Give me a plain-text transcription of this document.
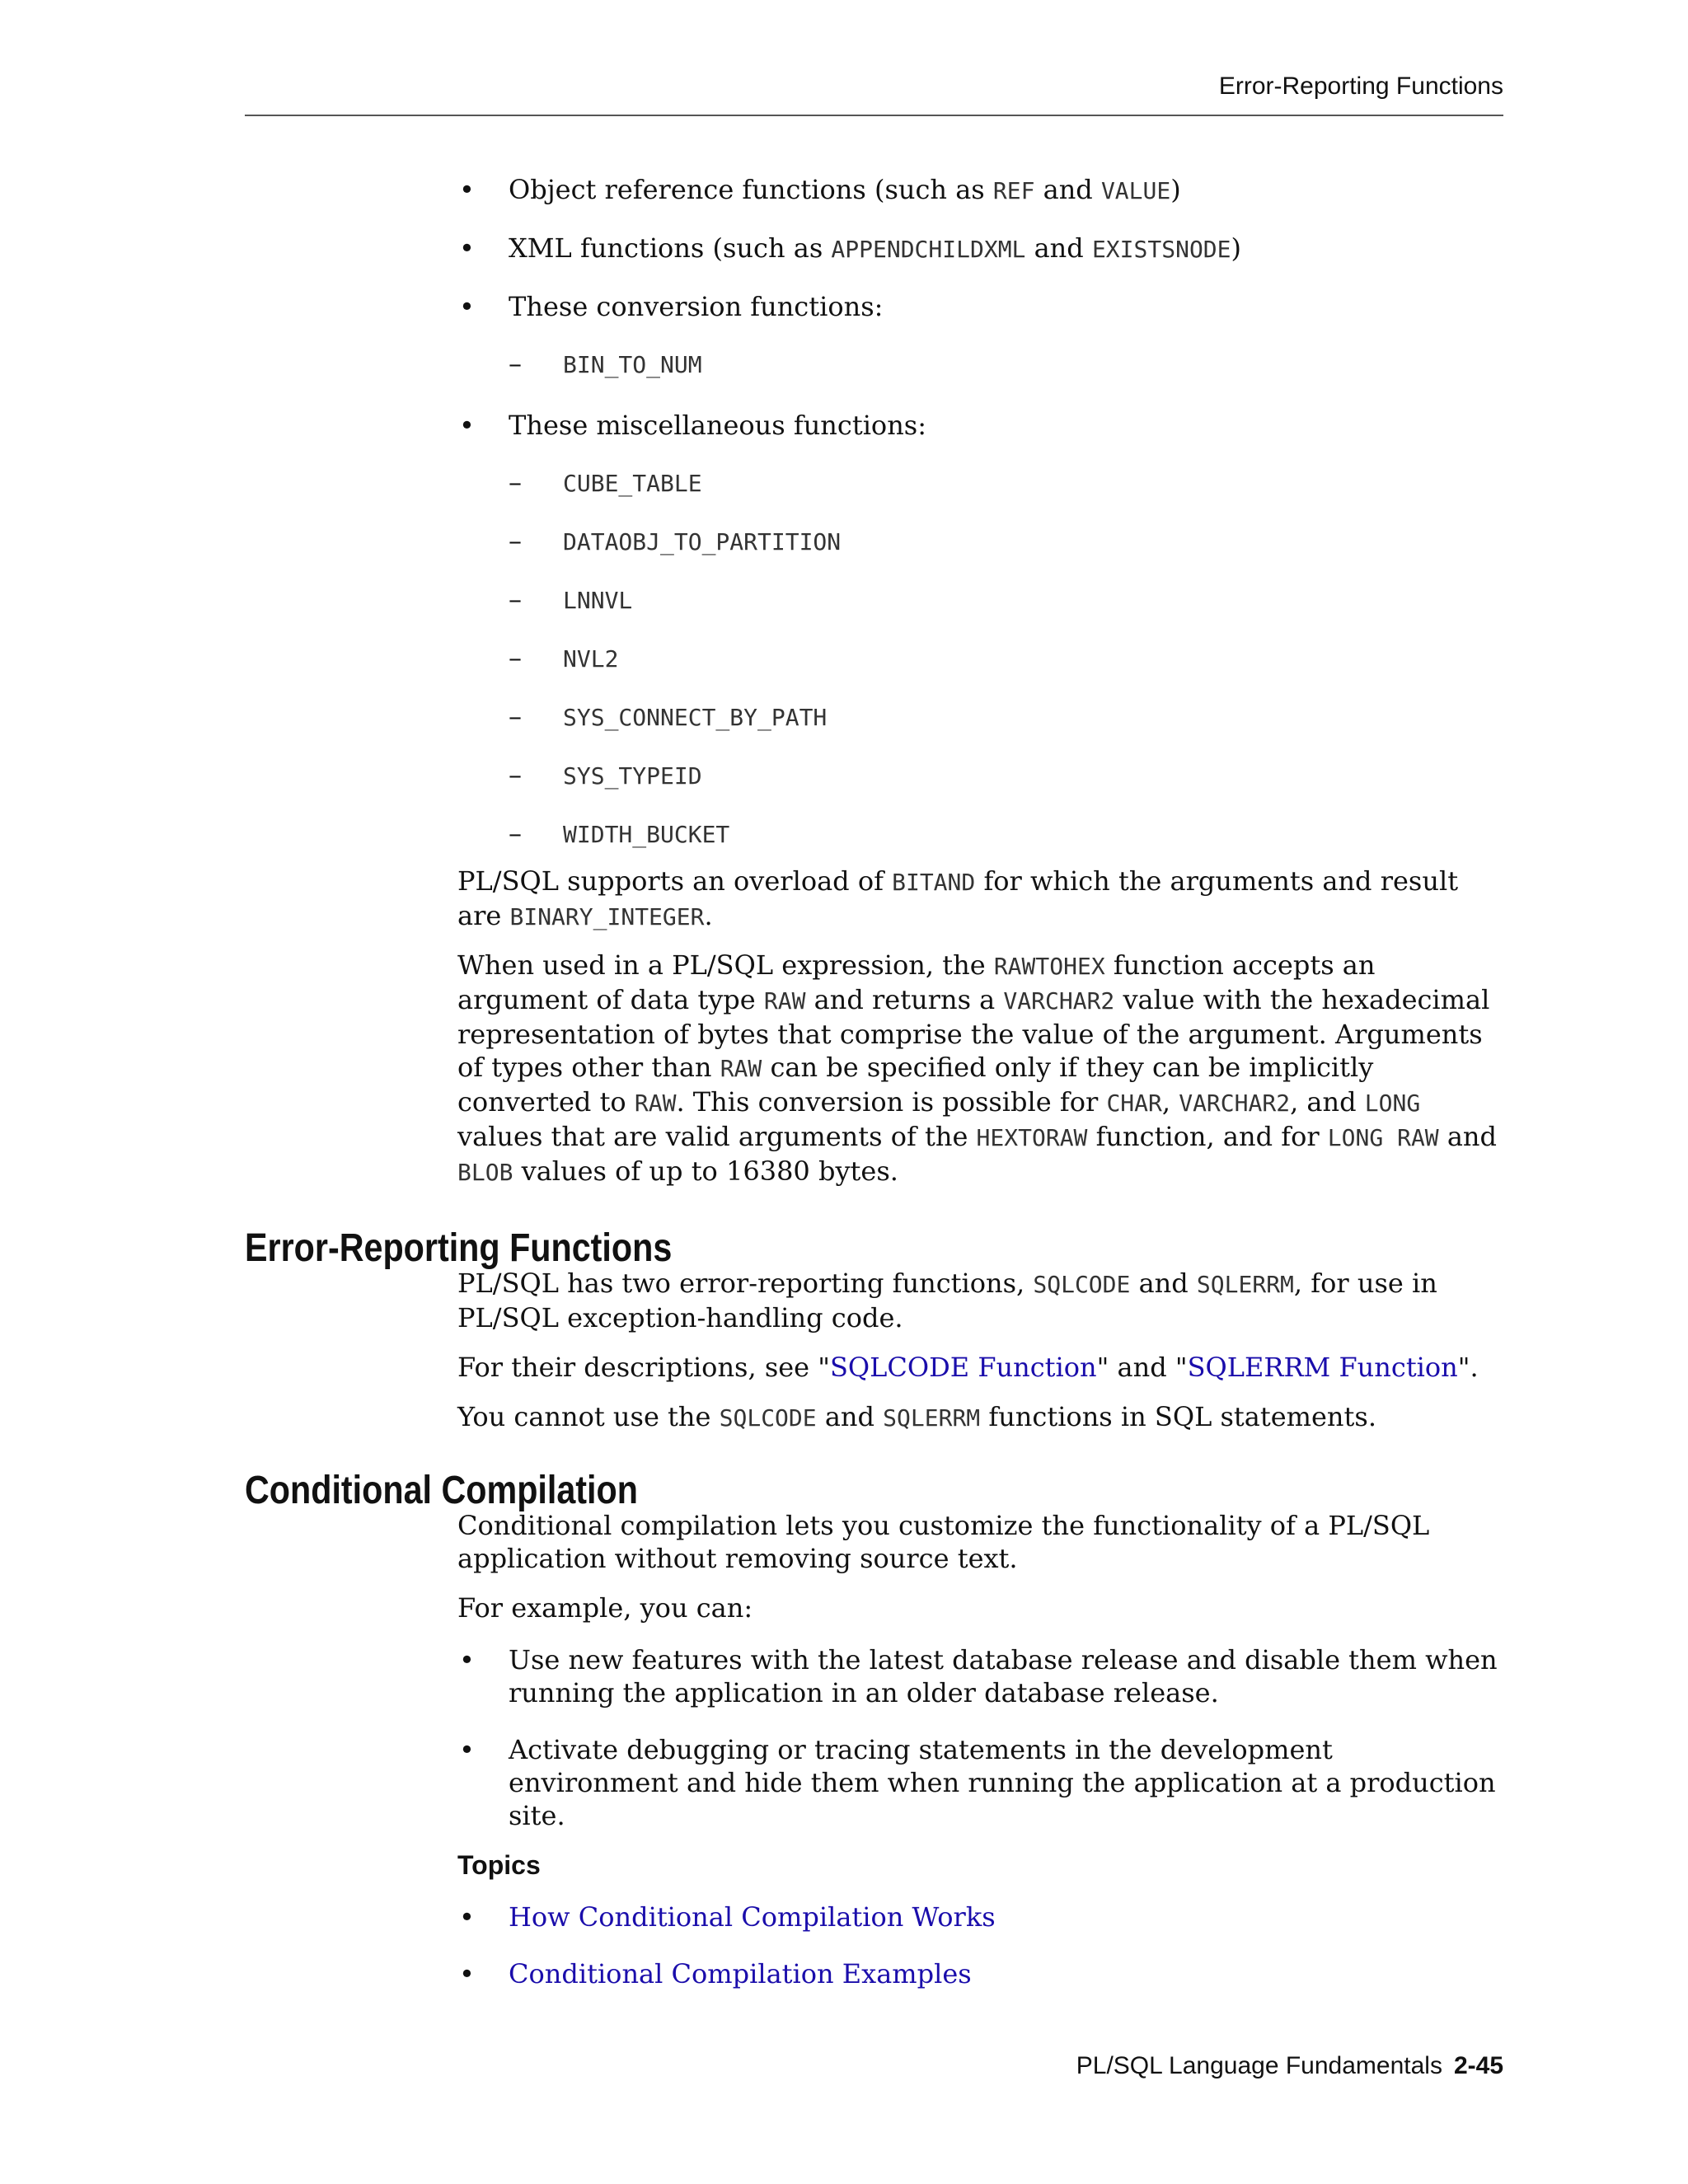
Error-Reporting Functions
• Object reference functions (such as REF and VALUE)
• XML functions (such as APPENDCHILDXML and EXISTSNODE)
• These conversion functions:
– BIN_TO_NUM
• These miscellaneous functions:
– CUBE_TABLE
– DATAOBJ_TO_PARTITION
– LNNVL
– NVL2
– SYS_CONNECT_BY_PATH
– SYS_TYPEID
– WIDTH_BUCKET

PL/SQL supports an overload of BITAND for which the arguments and result are BINARY_INTEGER.

When used in a PL/SQL expression, the RAWTOHEX function accepts an argument of data type RAW and returns a VARCHAR2 value with the hexadecimal representation of bytes that comprise the value of the argument. Arguments of types other than RAW can be specified only if they can be implicitly converted to RAW. This conversion is possible for CHAR, VARCHAR2, and LONG values that are valid arguments of the HEXTORAW function, and for LONG RAW and BLOB values of up to 16380 bytes.

Error-Reporting Functions

PL/SQL has two error-reporting functions, SQLCODE and SQLERRM, for use in PL/SQL exception-handling code.

For their descriptions, see "SQLCODE Function" and "SQLERRM Function".

You cannot use the SQLCODE and SQLERRM functions in SQL statements.

Conditional Compilation

Conditional compilation lets you customize the functionality of a PL/SQL application without removing source text.

For example, you can:

• Use new features with the latest database release and disable them when running the application in an older database release.
• Activate debugging or tracing statements in the development environment and hide them when running the application at a production site.
Topics
• How Conditional Compilation Works
• Conditional Compilation Examples
PL/SQL Language Fundamentals 2-45
